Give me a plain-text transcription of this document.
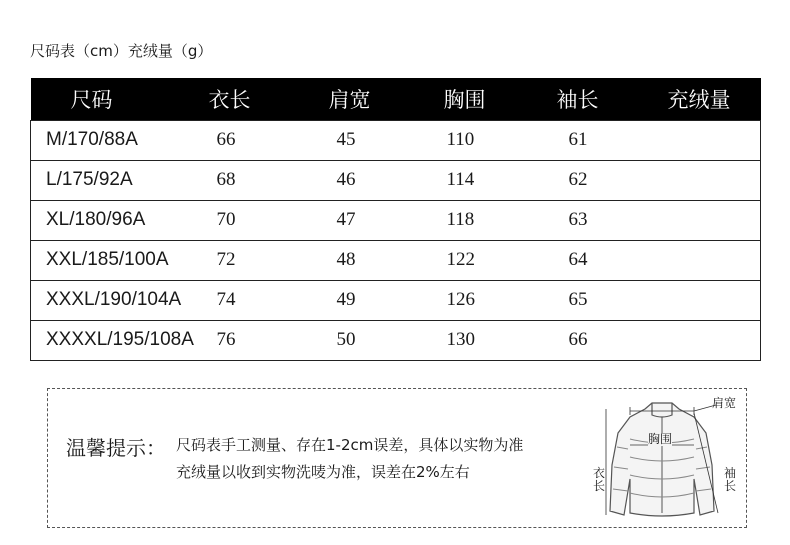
尺码表（cm）充绒量（g）
尺码	衣长	肩宽	胸围	袖长	充绒量
M/170/88A	66	45	110	61	
L/175/92A	68	46	114	62	
XL/180/96A	70	47	118	63	
XXL/185/100A	72	48	122	64	
XXXL/190/104A	74	49	126	65	
XXXXL/195/108A	76	50	130	66	
温馨提示： 尺码表手工测量、存在1-2cm误差，具体以实物为准
充绒量以收到实物洗唛为准，误差在2%左右
肩宽
胸围
衣长
袖长
